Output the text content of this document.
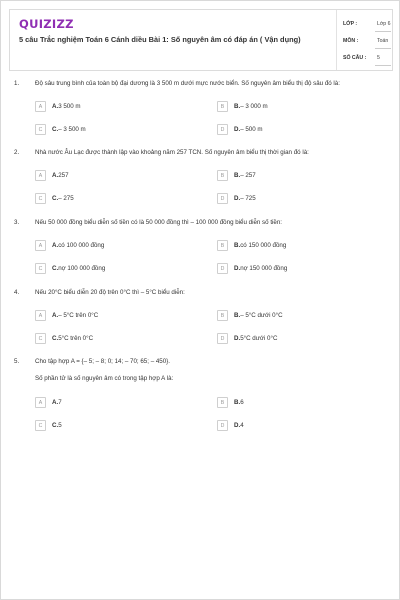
QUIZIZZ
5 câu Trắc nghiệm Toán 6 Cánh diều Bài 1: Số nguyên âm có đáp án ( Vận dụng)
LỚP :	Lớp 6
MÔN :	Toán
SỐ CÂU : 5
1.	Độ sâu trung bình của toàn bộ đại dương là 3 500 m dưới mực nước biển. Số nguyên âm biểu thị độ sâu đó là:
A	A.3 500 m	B	B.– 3 000 m
C	C.– 3 500 m	D	D.– 500 m
2.	Nhà nước Âu Lạc được thành lập vào khoảng năm 257 TCN. Số nguyên âm biểu thị thời gian đó là:
A	A.257	B	B.– 257
C	C.– 275	D	D.– 725
3.	Nếu 50 000 đồng biểu diễn số tiền có là 50 000 đồng thì – 100 000 đồng biểu diễn số tiền:
A	A.có 100 000 đồng	B	B.có 150 000 đồng
C	C.nợ 100 000 đồng	D	D.nợ 150 000 đồng
4.	Nếu 20°C biểu diễn 20 độ trên 0°C thì – 5°C biểu diễn:
A	A.– 5°C trên 0°C	B	B.– 5°C dưới 0°C
C	C.5°C trên 0°C	D	D.5°C dưới 0°C
5.	Cho tập hợp A = {– 5; – 8; 0; 14; – 70; 65; – 450}.
Số phần tử là số nguyên âm có trong tập hợp A là:
A	A.7	B	B.6
C	C.5	D	D.4
